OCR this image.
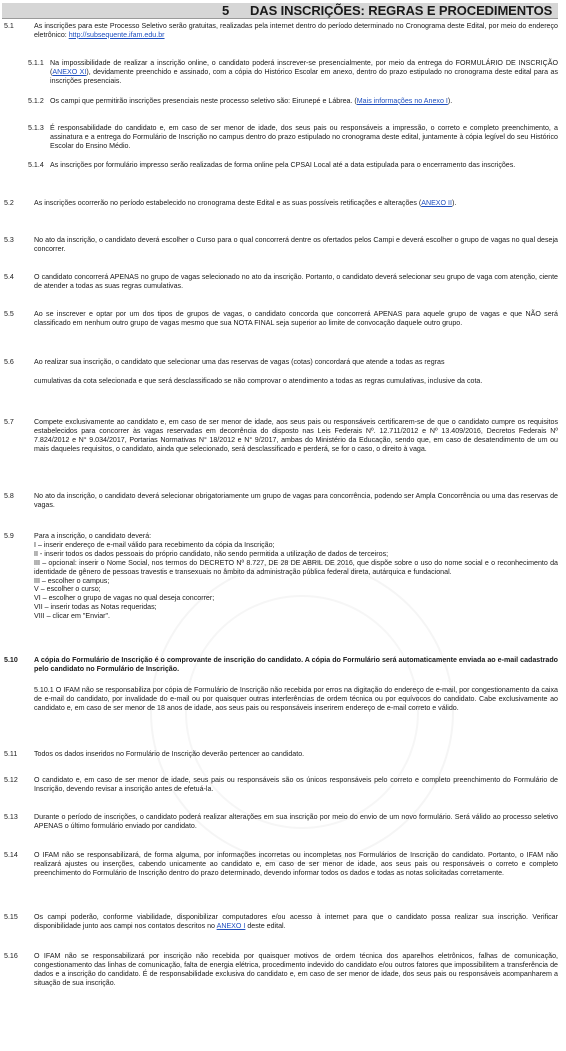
5 DAS INSCRIÇÕES: REGRAS E PROCEDIMENTOS
5.1	As inscrições para este Processo Seletivo serão gratuitas, realizadas pela internet dentro do período determinado no Cronograma deste Edital, por meio do endereço eletrônico: http://subsequente.ifam.edu.br
5.1.1 Na impossibilidade de realizar a inscrição online, o candidato poderá inscrever-se presencialmente, por meio da entrega do FORMULÁRIO DE INSCRIÇÃO (ANEXO XI), devidamente preenchido e assinado, com a cópia do Histórico Escolar em anexo, dentro do prazo estipulado no cronograma deste edital para as inscrições presenciais.
5.1.2 Os campi que permitirão inscrições presenciais neste processo seletivo são: Eirunepé e Lábrea. (Mais informações no Anexo I).
5.1.3 É responsabilidade do candidato e, em caso de ser menor de idade, dos seus pais ou responsáveis a impressão, o correto e completo preenchimento, a assinatura e a entrega do Formulário de Inscrição no campus dentro do prazo estipulado no cronograma deste edital, juntamente à cópia legível do seu Histórico Escolar do Ensino Médio.
5.1.4 As inscrições por formulário impresso serão realizadas de forma online pela CPSAI Local até a data estipulada para o encerramento das inscrições.
5.2	As inscrições ocorrerão no período estabelecido no cronograma deste Edital e as suas possíveis retificações e alterações (ANEXO II).
5.3	No ato da inscrição, o candidato deverá escolher o Curso para o qual concorrerá dentre os ofertados pelos Campi e deverá escolher o grupo de vagas no qual deseja concorrer.
5.4	O candidato concorrerá APENAS no grupo de vagas selecionado no ato da inscrição. Portanto, o candidato deverá selecionar seu grupo de vaga com atenção, ciente de atender a todas as suas regras cumulativas.
5.5	Ao se inscrever e optar por um dos tipos de grupos de vagas, o candidato concorda que concorrerá APENAS para aquele grupo de vagas e que NÃO será classificado em nenhum outro grupo de vagas mesmo que sua NOTA FINAL seja superior ao limite de convocação daquele outro grupo.
5.6	Ao realizar sua inscrição, o candidato que selecionar uma das reservas de vagas (cotas) concordará que atende a todas as regras

cumulativas da cota selecionada e que será desclassificado se não comprovar o atendimento a todas as regras cumulativas, inclusive da cota.

5.7	Compete exclusivamente ao candidato e, em caso de ser menor de idade, aos seus pais ou responsáveis certificarem-se de que o candidato cumpre os requisitos estabelecidos para concorrer às vagas reservadas em decorrência do disposto nas Leis Federais Nº. 12.711/2012 e Nº 13.409/2016, Decretos Federais Nº 7.824/2012 e N° 9.034/2017, Portarias Normativas N° 18/2012 e N° 9/2017, ambas do Ministério da Educação, sendo que, em caso de desatendimento de um ou mais daqueles requisitos, o candidato, ainda que selecionado, será desclassificado e perderá, se for o caso, o direito à vaga.
5.8	No ato da inscrição, o candidato deverá selecionar obrigatoriamente um grupo de vagas para concorrência, podendo ser Ampla Concorrência ou uma das reservas de vagas.
5.9	Para a inscrição, o candidato deverá:

I – inserir endereço de e-mail válido para recebimento da cópia da Inscrição;

II - inserir todos os dados pessoais do próprio candidato, não sendo permitida a utilização de dados de terceiros;

III – opcional: inserir o Nome Social, nos termos do DECRETO Nº 8.727, DE 28 DE ABRIL DE 2016, que dispõe sobre o uso do nome social e o reconhecimento da identidade de gênero de pessoas travestis e transexuais no âmbito da administração pública federal direta, autárquica e fundacional.

III – escolher o campus;

V – escolher o curso;

VI – escolher o grupo de vagas no qual deseja concorrer;

VII – inserir todas as Notas requeridas;

VIII – clicar em "Enviar".

5.10 A cópia do Formulário de Inscrição é o comprovante de inscrição do candidato. A cópia do Formulário será automaticamente enviada ao e-mail cadastrado pelo candidato no Formulário de Inscrição.
5.10.1 O IFAM não se responsabiliza por cópia de Formulário de Inscrição não recebida por erros na digitação do endereço de e-mail, por congestionamento da caixa de e-mail do candidato, por invalidade do e-mail ou por quaisquer outras interferências de ordem técnica ou por equívocos do candidato. Cabe exclusivamente ao candidato e, em caso de ser menor de 18 anos de idade, aos seus pais ou responsáveis inserirem endereço de e-mail correto e válido.
5.11 Todos os dados inseridos no Formulário de Inscrição deverão pertencer ao candidato.
5.12 O candidato e, em caso de ser menor de idade, seus pais ou responsáveis são os únicos responsáveis pelo correto e completo preenchimento do Formulário de Inscrição, devendo revisar a inscrição antes de efetuá-la.
5.13 Durante o período de inscrições, o candidato poderá realizar alterações em sua inscrição por meio do envio de um novo formulário. Será válido ao processo seletivo APENAS o último formulário enviado por candidato.
5.14 O IFAM não se responsabilizará, de forma alguma, por informações incorretas ou incompletas nos Formulários de Inscrição do candidato. Portanto, o IFAM não realizará ajustes ou inserções, cabendo unicamente ao candidato e, em caso de ser menor de idade, aos seus pais ou responsáveis o correto e completo preenchimento do Formulário de Inscrição dentro do prazo determinado, devendo informar todos os dados e todas as notas solicitadas corretamente.
5.15 Os campi poderão, conforme viabilidade, disponibilizar computadores e/ou acesso à internet para que o candidato possa realizar sua inscrição. Verificar disponibilidade junto aos campi nos contatos descritos no ANEXO I deste edital.
5.16 O IFAM não se responsabilizará por inscrição não recebida por quaisquer motivos de ordem técnica dos aparelhos eletrônicos, falhas de comunicação, congestionamento das linhas de comunicação, falta de energia elétrica, procedimento indevido do candidato e/ou outros fatores que impossibilitem a transferência de dados e a inscrição do candidato. É de responsabilidade exclusiva do candidato e, em caso de ser menor de idade, dos seus pais ou responsáveis acompanharem a situação de sua inscrição.
